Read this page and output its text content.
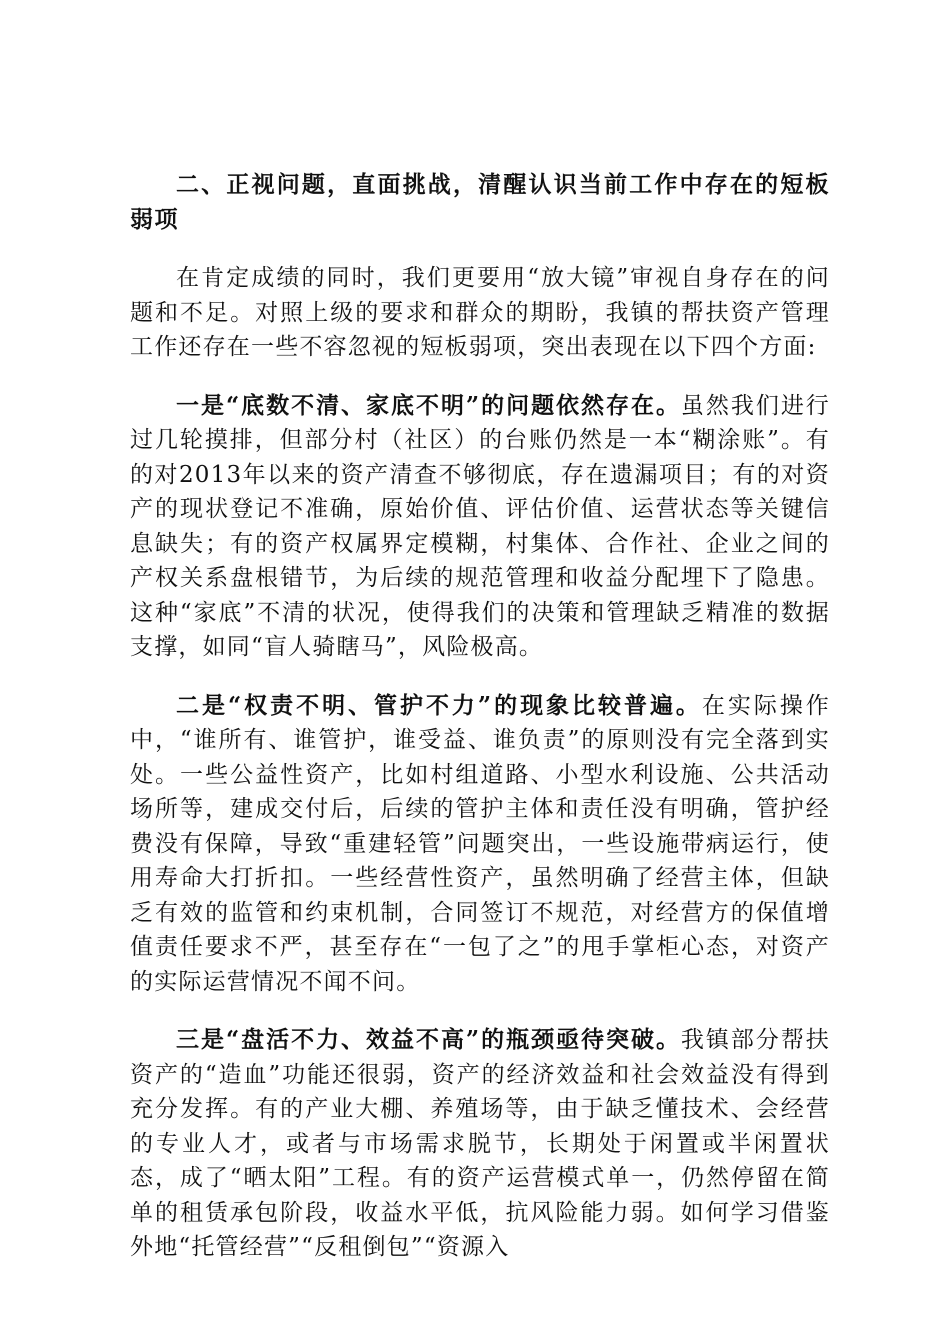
二、正视问题，直面挑战，清醒认识当前工作中存在的短板弱项

在肯定成绩的同时，我们更要用“放大镜”审视自身存在的问题和不足。对照上级的要求和群众的期盼，我镇的帮扶资产管理工作还存在一些不容忽视的短板弱项，突出表现在以下四个方面:

一是“底数不清、家底不明”的问题依然存在。虽然我们进行过几轮摸排，但部分村（社区）的台账仍然是一本“糊涂账”。有的对2013年以来的资产清查不够彻底，存在遗漏项目；有的对资产的现状登记不准确，原始价值、评估价值、运营状态等关键信息缺失；有的资产权属界定模糊，村集体、合作社、企业之间的产权关系盘根错节，为后续的规范管理和收益分配埋下了隐患。这种“家底”不清的状况，使得我们的决策和管理缺乏精准的数据支撑，如同“盲人骑瞎马”，风险极高。

二是“权责不明、管护不力”的现象比较普遍。在实际操作中，“谁所有、谁管护，谁受益、谁负责”的原则没有完全落到实处。一些公益性资产，比如村组道路、小型水利设施、公共活动场所等，建成交付后，后续的管护主体和责任没有明确，管护经费没有保障，导致“重建轻管”问题突出，一些设施带病运行，使用寿命大打折扣。一些经营性资产，虽然明确了经营主体，但缺乏有效的监管和约束机制，合同签订不规范，对经营方的保值增值责任要求不严，甚至存在“一包了之”的甩手掌柜心态，对资产的实际运营情况不闻不问。

三是“盘活不力、效益不高”的瓶颈亟待突破。我镇部分帮扶资产的“造血”功能还很弱，资产的经济效益和社会效益没有得到充分发挥。有的产业大棚、养殖场等，由于缺乏懂技术、会经营的专业人才，或者与市场需求脱节，长期处于闲置或半闲置状态，成了“晒太阳”工程。有的资产运营模式单一，仍然停留在简单的租赁承包阶段，收益水平低，抗风险能力弱。如何学习借鉴外地“托管经营”“反租倒包”“资源入
